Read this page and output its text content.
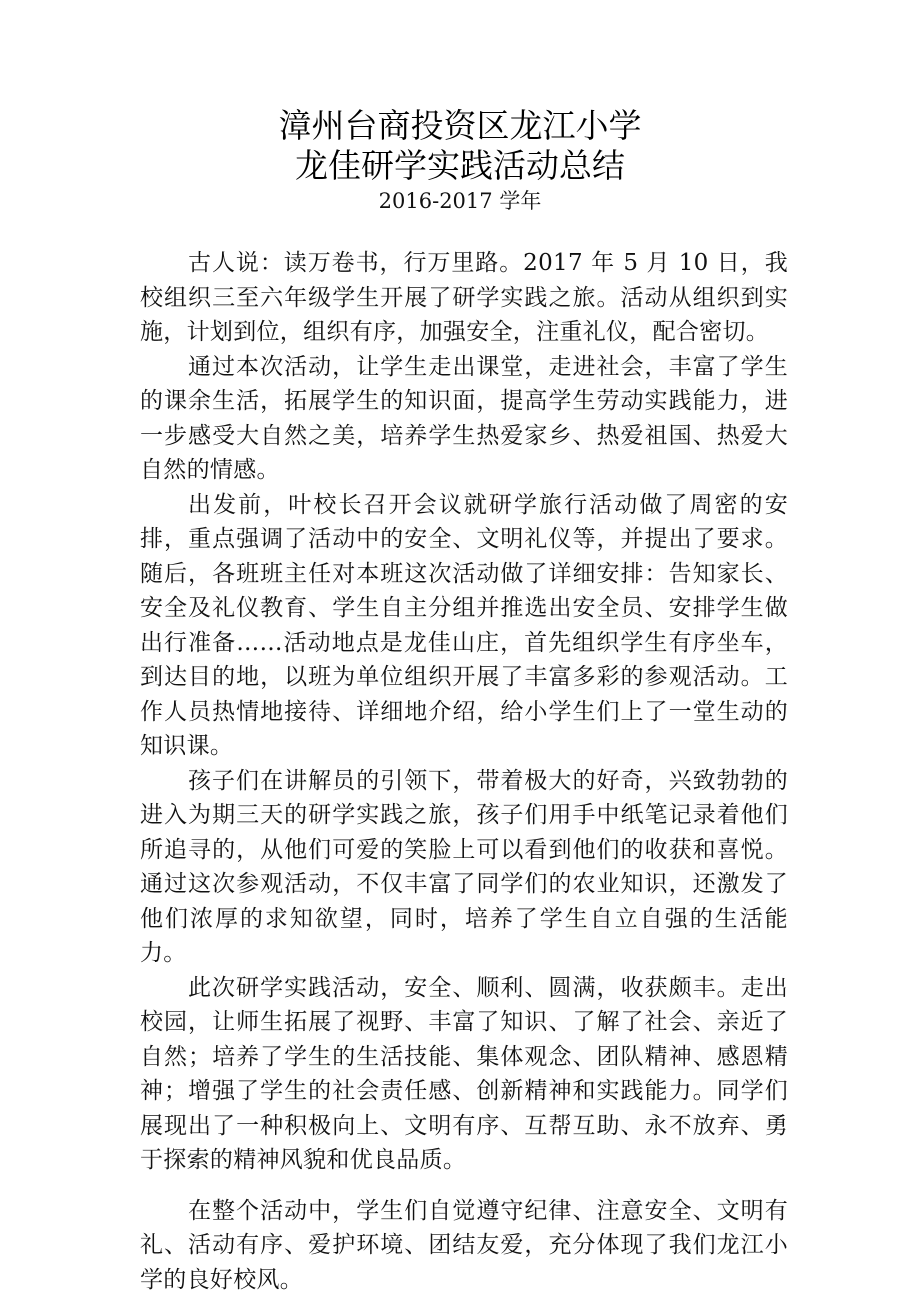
漳州台商投资区龙江小学
龙佳研学实践活动总结
2016-2017 学年

古人说：读万卷书，行万里路。2017 年 5 月 10 日，我校组织三至六年级学生开展了研学实践之旅。活动从组织到实施，计划到位，组织有序，加强安全，注重礼仪，配合密切。

通过本次活动，让学生走出课堂，走进社会，丰富了学生的课余生活，拓展学生的知识面，提高学生劳动实践能力，进一步感受大自然之美，培养学生热爱家乡、热爱祖国、热爱大自然的情感。

出发前，叶校长召开会议就研学旅行活动做了周密的安排，重点强调了活动中的安全、文明礼仪等，并提出了要求。随后，各班班主任对本班这次活动做了详细安排：告知家长、安全及礼仪教育、学生自主分组并推选出安全员、安排学生做出行准备……活动地点是龙佳山庄，首先组织学生有序坐车，到达目的地，以班为单位组织开展了丰富多彩的参观活动。工作人员热情地接待、详细地介绍，给小学生们上了一堂生动的知识课。

孩子们在讲解员的引领下，带着极大的好奇，兴致勃勃的进入为期三天的研学实践之旅，孩子们用手中纸笔记录着他们所追寻的，从他们可爱的笑脸上可以看到他们的收获和喜悦。通过这次参观活动，不仅丰富了同学们的农业知识，还激发了他们浓厚的求知欲望，同时，培养了学生自立自强的生活能力。

此次研学实践活动，安全、顺利、圆满，收获颇丰。走出校园，让师生拓展了视野、丰富了知识、了解了社会、亲近了自然；培养了学生的生活技能、集体观念、团队精神、感恩精神；增强了学生的社会责任感、创新精神和实践能力。同学们展现出了一种积极向上、文明有序、互帮互助、永不放弃、勇于探索的精神风貌和优良品质。

在整个活动中，学生们自觉遵守纪律、注意安全、文明有礼、活动有序、爱护环境、团结友爱，充分体现了我们龙江小学的良好校风。
